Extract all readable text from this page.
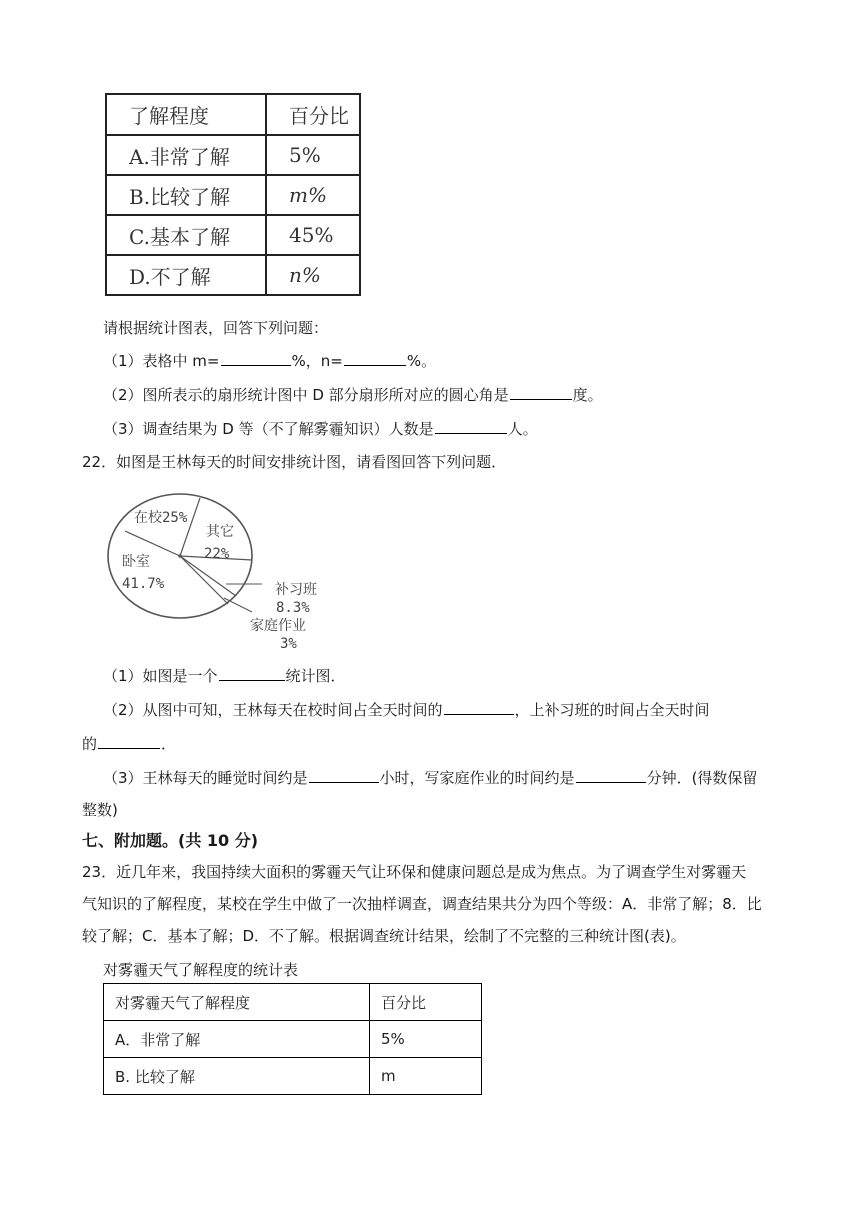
了解程度	百分比
A.非常了解	5%
B.比较了解	m%
C.基本了解	45%
D.不了解	n%
请根据统计图表，回答下列问题：
（1）表格中 m=	%，n=	%。
（2）图所表示的扇形统计图中 D 部分扇形所对应的圆心角是	度。
（3）调查结果为 D 等（不了解雾霾知识）人数是	人。
22．如图是王林每天的时间安排统计图，请看图回答下列问题．
在校25%
其它
22%
卧室
41.7%	补习班
8.3%
家庭作业
3%
（1）如图是一个	统计图．
（2）从图中可知，王林每天在校时间占全天时间的	，上补习班的时间占全天时间
的	．
（3）王林每天的睡觉时间约是	小时，写家庭作业的时间约是	分钟．(得数保留
整数)
七、附加题。(共 10 分)
23．近几年来，我国持续大面积的雾霾天气让环保和健康问题总是成为焦点。为了调查学生对雾霾天
气知识的了解程度，某校在学生中做了一次抽样调查，调查结果共分为四个等级：A．非常了解；8．比
较了解；C．基本了解；D．不了解。根据调查统计结果，绘制了不完整的三种统计图(表)。
对雾霾天气了解程度的统计表
对雾霾天气了解程度	百分比
A．非常了解	5%
B. 比较了解	m
